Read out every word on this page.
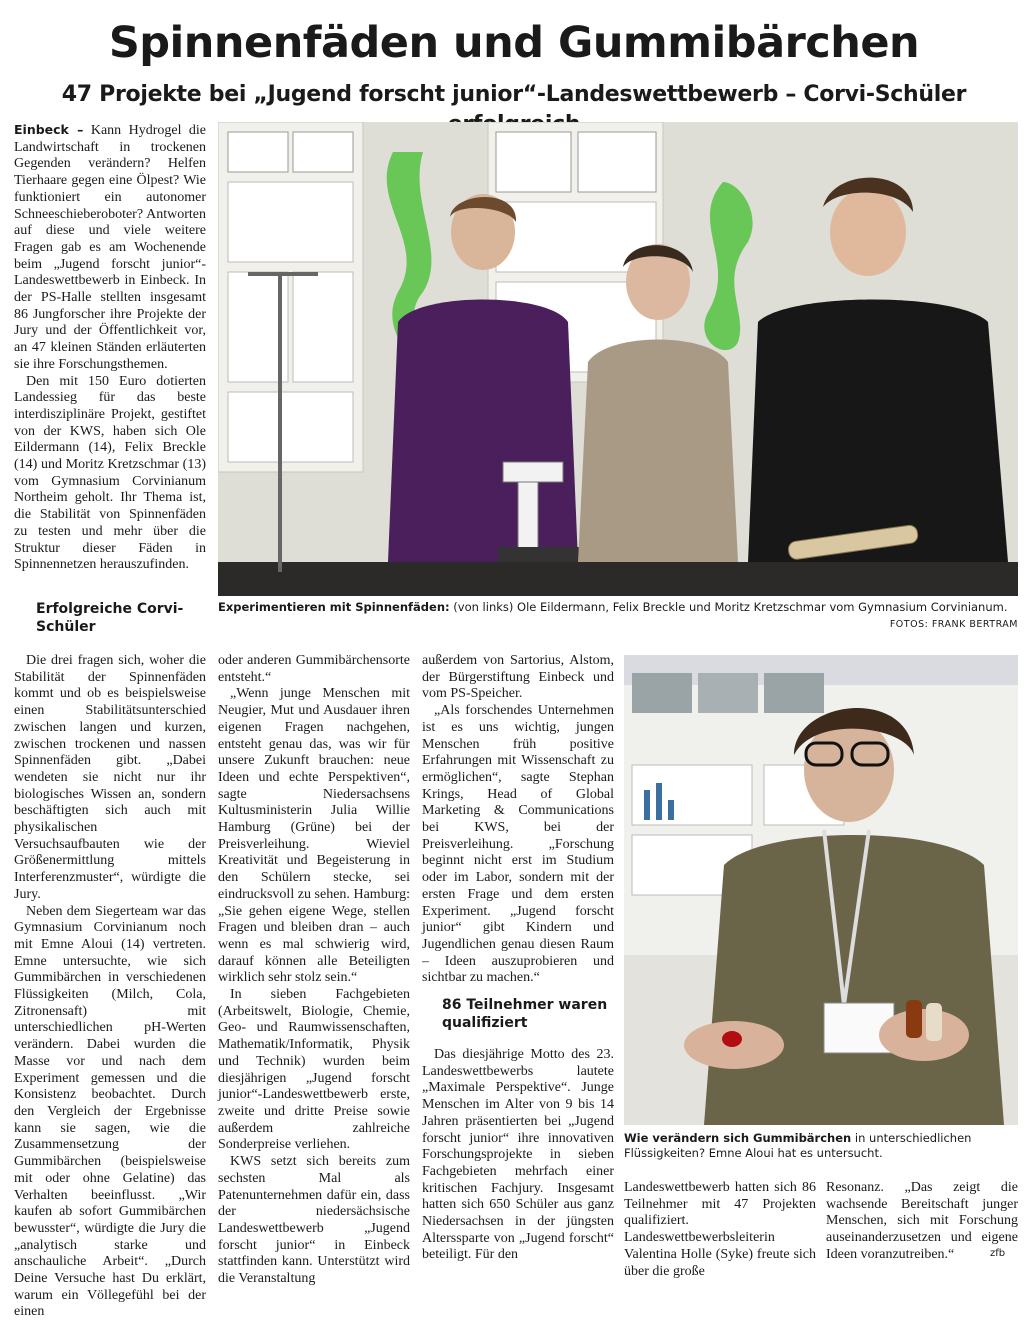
Spinnenfäden und Gummibärchen
47 Projekte bei „Jugend forscht junior“-Landeswettbewerb – Corvi-Schüler

Einbeck – Kann Hydrogel die Landwirtschaft in trockenen Gegenden verändern? Helfen Tierhaare gegen eine Ölpest? Wie funktioniert ein autonomer Schneeschieberoboter? Antworten auf diese und viele weitere Fragen gab es am Wochenende beim „Jugend forscht junior“-Landeswettbewerb in Einbeck. In der PS-Halle stellten insgesamt 86 Jungforscher ihre Projekte der Jury und der Öffentlichkeit vor, an 47 kleinen Ständen erläuterten sie ihre Forschungsthemen.

Den mit 150 Euro dotierten Landessieg für das beste interdisziplinäre Projekt, gestiftet von der KWS, haben sich Ole Eildermann (14), Felix Breckle (14) und Moritz Kretzschmar (13) vom Gymnasium Corvinianum Northeim geholt. Ihr Thema ist, die Stabilität von Spinnenfäden zu testen und mehr über die Struktur dieser Fäden in Spinnennetzen herauszufinden.

Erfolgreiche Corvi-Schüler

Die drei fragen sich, woher die Stabilität der Spinnenfäden kommt und ob es beispielsweise einen Stabilitätsunterschied zwischen langen und kurzen, zwischen trockenen und nassen Spinnenfäden gibt. „Dabei wendeten sie nicht nur ihr biologisches Wissen an, sondern beschäftigten sich auch mit physikalischen Versuchsaufbauten wie der Größenermittlung mittels Interferenzmuster“, würdigte die Jury.

Neben dem Siegerteam war das Gymnasium Corvinianum noch mit Emne Aloui (14) vertreten. Emne untersuchte, wie sich Gummibärchen in verschiedenen Flüssigkeiten (Milch, Cola, Zitronensaft) mit unterschiedlichen pH-Werten verändern. Dabei wurden die Masse vor und nach dem Experiment gemessen und die Konsistenz beobachtet. Durch den Vergleich der Ergebnisse kann sie sagen, wie die Zusammensetzung der Gummibärchen (beispielsweise mit oder ohne Gelatine) das Verhalten beeinflusst. „Wir kaufen ab sofort Gummibärchen bewusster“, würdigte die Jury die „analytisch starke und anschauliche Arbeit“. „Durch Deine Versuche hast Du erklärt, warum ein Völlegefühl bei der einen

oder anderen Gummibärchensorte entsteht.“

„Wenn junge Menschen mit Neugier, Mut und Ausdauer ihren eigenen Fragen nachgehen, entsteht genau das, was wir für unsere Zukunft brauchen: neue Ideen und echte Perspektiven“, sagte Niedersachsens Kultusministerin Julia Willie Hamburg (Grüne) bei der Preisverleihung. Wieviel Kreativität und Begeisterung in den Schülern stecke, sei eindrucksvoll zu sehen. Hamburg: „Sie gehen eigene Wege, stellen Fragen und bleiben dran – auch wenn es mal schwierig wird, darauf können alle Beteiligten wirklich sehr stolz sein.“

In sieben Fachgebieten (Arbeitswelt, Biologie, Chemie, Geo- und Raumwissenschaften, Mathematik/Informatik, Physik und Technik) wurden beim diesjährigen „Jugend forscht junior“-Landeswettbewerb erste, zweite und dritte Preise sowie außerdem zahlreiche Sonderpreise verliehen.

KWS setzt sich bereits zum sechsten Mal als Patenunternehmen dafür ein, dass der niedersächsische Landeswettbewerb „Jugend forscht junior“ in Einbeck stattfinden kann. Unterstützt wird die Veranstaltung

außerdem von Sartorius, Alstom, der Bürgerstiftung Einbeck und vom PS-Speicher.

„Als forschendes Unternehmen ist es uns wichtig, jungen Menschen früh positive Erfahrungen mit Wissenschaft zu ermöglichen“, sagte Stephan Krings, Head of Global Marketing & Communications bei KWS, bei der Preisverleihung. „Forschung beginnt nicht erst im Studium oder im Labor, sondern mit der ersten Frage und dem ersten Experiment. „Jugend forscht junior“ gibt Kindern und Jugendlichen genau diesen Raum – Ideen auszuprobieren und sichtbar zu machen.“

86 Teilnehmer waren qualifiziert

Das diesjährige Motto des 23. Landeswettbewerbs lautete „Maximale Perspektive“. Junge Menschen im Alter von 9 bis 14 Jahren präsentierten bei „Jugend forscht junior“ ihre innovativen Forschungsprojekte in sieben Fachgebieten mehrfach einer kritischen Fachjury. Insgesamt hatten sich 650 Schüler aus ganz Niedersachsen in der jüngsten Alterssparte von „Jugend forscht“ beteiligt. Für den

Landeswettbewerb hatten sich 86 Teilnehmer mit 47 Projekten qualifiziert. Landeswettbewerbsleiterin Valentina Holle (Syke) freute sich über die große

Resonanz. „Das zeigt die wachsende Bereitschaft junger Menschen, sich mit Forschung auseinanderzusetzen und eigene Ideen voranzutreiben.“	zfb

Experimentieren mit Spinnenfäden: (von links) Ole Eildermann, Felix Breckle und Moritz Kretzschmar vom Gymnasium Corvinianum.

FOTOS: FRANK BERTRAM

Wie verändern sich Gummibärchen in unterschiedlichen Flüssigkeiten? Emne Aloui hat es untersucht.
